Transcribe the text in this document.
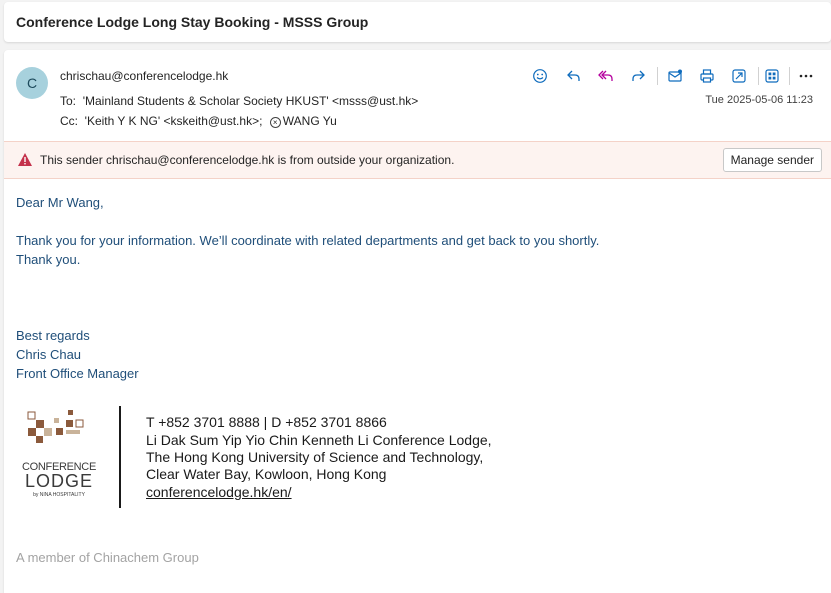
Conference Lodge Long Stay Booking - MSSS Group
C	chrischau@conferencelodge.hk
To: 'Mainland Students & Scholar Society HKUST' <msss@ust.hk>
Cc: 'Keith Y K NG' <kskeith@ust.hk>; × WANG Yu
Tue 2025-05-06 11:23
This sender chrischau@conferencelodge.hk is from outside your organization.	Manage sender
Dear Mr Wang,
Thank you for your information. We’ll coordinate with related departments and get back to you shortly.
Thank you.
Best regards
Chris Chau
Front Office Manager
CONFERENCE
LODGE
by NINA HOSPITALITY
T +852 3701 8888 | D +852 3701 8866
Li Dak Sum Yip Yio Chin Kenneth Li Conference Lodge,
The Hong Kong University of Science and Technology,
Clear Water Bay, Kowloon, Hong Kong
conferencelodge.hk/en/
A member of Chinachem Group
